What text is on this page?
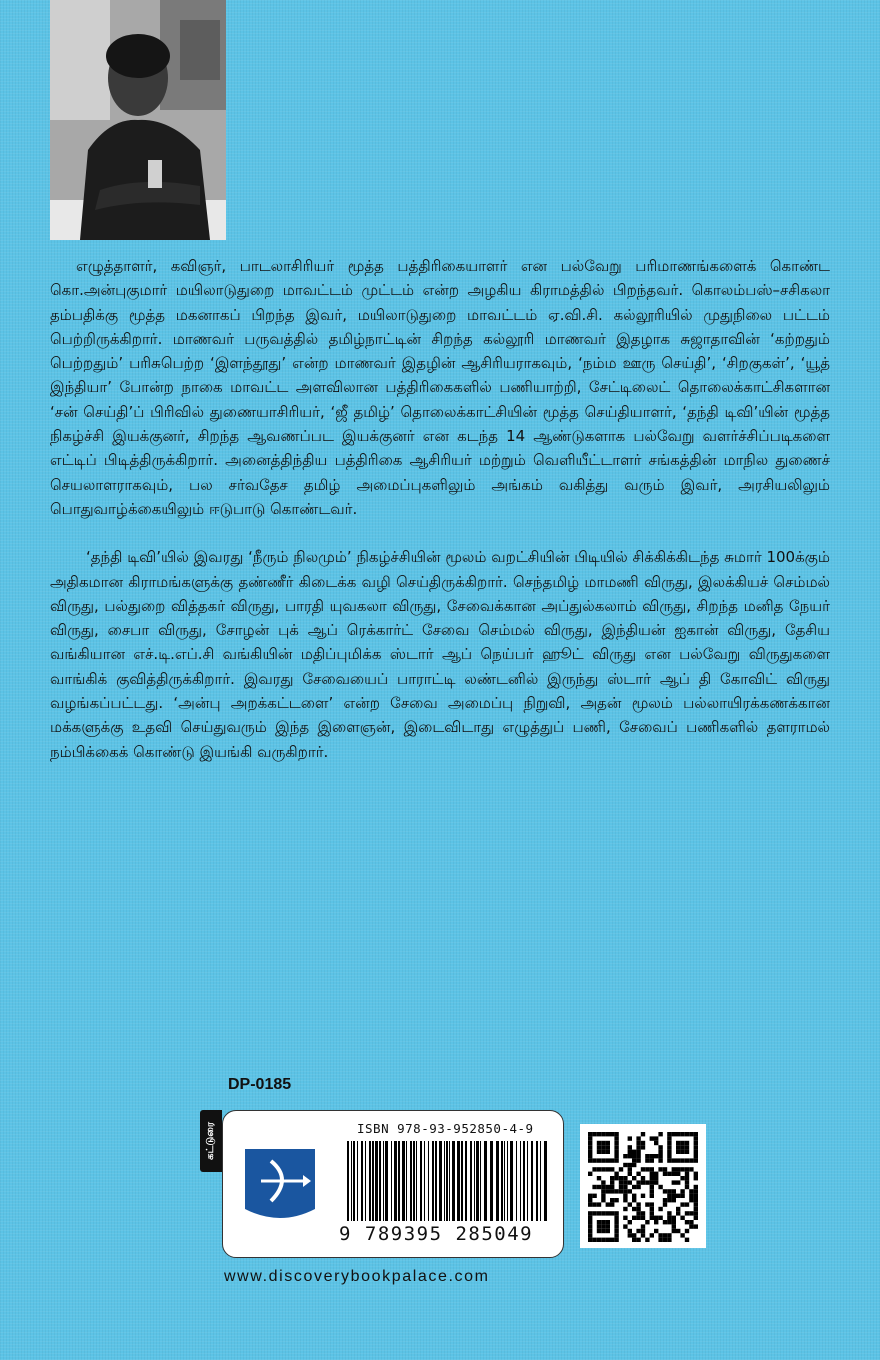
எழுத்தாளர், கவிஞர், பாடலாசிரியர் மூத்த பத்திரிகையாளர் என பல்வேறு பரிமாணங்களைக் கொண்ட கொ.அன்புகுமார் மயிலாடுதுறை மாவட்டம் முட்டம் என்ற அழகிய கிராமத்தில் பிறந்தவர். கொலம்பஸ்–சசிகலா தம்பதிக்கு மூத்த மகனாகப் பிறந்த இவர், மயிலாடுதுறை மாவட்டம் ஏ.வி.சி. கல்லூரியில் முதுநிலை பட்டம் பெற்றிருக்கிறார். மாணவர் பருவத்தில் தமிழ்நாட்டின் சிறந்த கல்லூரி மாணவர் இதழாக சுஜாதாவின் ‘கற்றதும் பெற்றதும்’ பரிசுபெற்ற ‘இளந்தூது’ என்ற மாணவர் இதழின் ஆசிரியராகவும், ‘நம்ம ஊரு செய்தி’, ‘சிறகுகள்’, ‘யூத் இந்தியா’ போன்ற நாகை மாவட்ட அளவிலான பத்திரிகைகளில் பணியாற்றி, சேட்டிலைட் தொலைக்காட்சிகளான ‘சன் செய்தி’ப் பிரிவில் துணையாசிரியர், ‘ஜீ தமிழ்’ தொலைக்காட்சியின் மூத்த செய்தியாளர், ‘தந்தி டிவி’யின் மூத்த நிகழ்ச்சி இயக்குனர், சிறந்த ஆவணப்பட இயக்குனர் என கடந்த 14 ஆண்டுகளாக பல்வேறு வளர்ச்சிப்படிகளை எட்டிப் பிடித்திருக்கிறார். அனைத்திந்திய பத்திரிகை ஆசிரியர் மற்றும் வெளியீட்டாளர் சங்கத்தின் மாநில துணைச் செயலாளராகவும், பல சர்வதேச தமிழ் அமைப்புகளிலும் அங்கம் வகித்து வரும் இவர், அரசியலிலும் பொதுவாழ்க்கையிலும் ஈடுபாடு கொண்டவர்.

‘தந்தி டிவி’யில் இவரது ‘நீரும் நிலமும்’ நிகழ்ச்சியின் மூலம் வறட்சியின் பிடியில் சிக்கிக்கிடந்த சுமார் 100க்கும் அதிகமான கிராமங்களுக்கு தண்ணீர் கிடைக்க வழி செய்திருக்கிறார். செந்தமிழ் மாமணி விருது, இலக்கியச் செம்மல் விருது, பல்துறை வித்தகர் விருது, பாரதி யுவகலா விருது, சேவைக்கான அப்துல்கலாம் விருது, சிறந்த மனித நேயர் விருது, சைபா விருது, சோழன் புக் ஆப் ரெக்கார்ட் சேவை செம்மல் விருது, இந்தியன் ஐகான் விருது, தேசிய வங்கியான எச்.டி.எப்.சி வங்கியின் மதிப்புமிக்க ஸ்டார் ஆப் நெய்பர் ஹூட் விருது என பல்வேறு விருதுகளை வாங்கிக் குவித்திருக்கிறார். இவரது சேவையைப் பாராட்டி லண்டனில் இருந்து ஸ்டார் ஆப் தி கோவிட் விருது வழங்கப்பட்டது. ‘அன்பு அறக்கட்டளை’ என்ற சேவை அமைப்பு நிறுவி, அதன் மூலம் பல்லாயிரக்கணக்கான மக்களுக்கு உதவி செய்துவரும் இந்த இளைஞன், இடைவிடாது எழுத்துப் பணி, சேவைப் பணிகளில் தளராமல் நம்பிக்கைக் கொண்டு இயங்கி வருகிறார்.

DP-0185
கட்டுரை	ISBN 978-93-952850-4-9
9 789395 285049
www.discoverybookpalace.com
